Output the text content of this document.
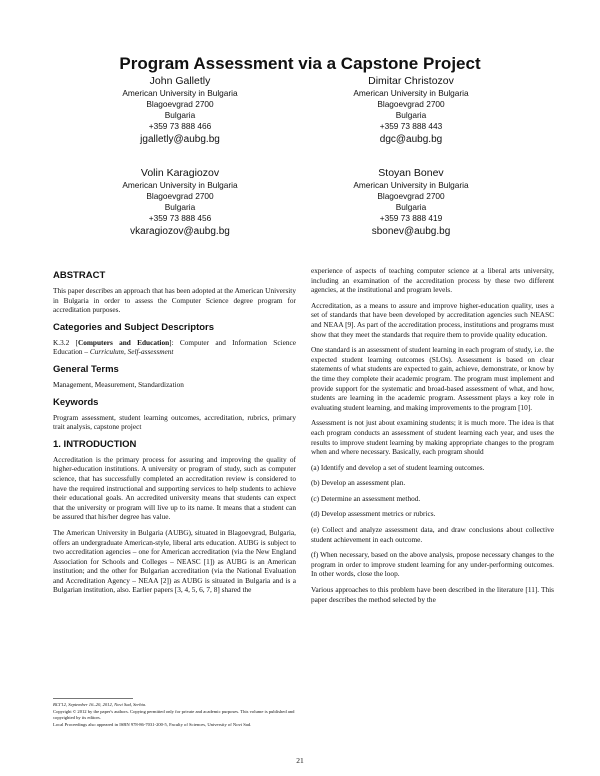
Program Assessment via a Capstone Project
John Galletly
American University in Bulgaria
Blagoevgrad 2700
Bulgaria
+359 73 888 466
jgalletly@aubg.bg
Dimitar Christozov
American University in Bulgaria
Blagoevgrad 2700
Bulgaria
+359 73 888 443
dgc@aubg.bg
Volin Karagiozov
American University in Bulgaria
Blagoevgrad 2700
Bulgaria
+359 73 888 456
vkaragiozov@aubg.bg
Stoyan Bonev
American University in Bulgaria
Blagoevgrad 2700
Bulgaria
+359 73 888 419
sbonev@aubg.bg
ABSTRACT

This paper describes an approach that has been adopted at the American University in Bulgaria in order to assess the Computer Science degree program for accreditation purposes.

Categories and Subject Descriptors

K.3.2 [Computers and Education]: Computer and Information Science Education – Curriculum, Self-assessment

General Terms

Management, Measurement, Standardization

Keywords

Program assessment, student learning outcomes, accreditation, rubrics, primary trait analysis, capstone project

1. INTRODUCTION

Accreditation is the primary process for assuring and improving the quality of higher-education institutions. A university or program of study, such as computer science, that has successfully completed an accreditation review is considered to have the required instructional and supporting services to help students to achieve their educational goals. An accredited university means that students can expect that the university or program will live up to its name. It means that a student can be assured that his/her degree has value.

The American University in Bulgaria (AUBG), situated in Blagoevgrad, Bulgaria, offers an undergraduate American-style, liberal arts education. AUBG is subject to two accreditation agencies – one for American accreditation (via the New England Association for Schools and Colleges – NEASC [1]) as AUBG is an American institution; and the other for Bulgarian accreditation (via the National Evaluation and Accreditation Agency – NEAA [2]) as AUBG is situated in Bulgaria and is a Bulgarian institution, also. Earlier papers [3, 4, 5, 6, 7, 8] shared the

experience of aspects of teaching computer science at a liberal arts university, including an examination of the accreditation process by these two different agencies, at the institutional and program levels.

Accreditation, as a means to assure and improve higher-education quality, uses a set of standards that have been developed by accreditation agencies such NEASC and NEAA [9]. As part of the accreditation process, institutions and programs must show that they meet the standards that require them to provide quality education.

One standard is an assessment of student learning in each program of study, i.e. the expected student learning outcomes (SLOs). Assessment is based on clear statements of what students are expected to gain, achieve, demonstrate, or know by the time they complete their academic program. The program must implement and provide support for the systematic and broad-based assessment of what, and how, students are learning in the academic program. Assessment plays a key role in evaluating student learning, and making improvements to the program [10].

Assessment is not just about examining students; it is much more. The idea is that each program conducts an assessment of student learning each year, and uses the results to improve student learning by making appropriate changes to the program when and where necessary. Basically, each program should

(a) Identify and develop a set of student learning outcomes.

(b) Develop an assessment plan.

(c) Determine an assessment method.

(d) Develop assessment metrics or rubrics.

(e) Collect and analyze assessment data, and draw conclusions about collective student achievement in each outcome.

(f) When necessary, based on the above analysis, propose necessary changes to the program in order to improve student learning for any under-performing outcomes. In other words, close the loop.

Various approaches to this problem have been described in the literature [11]. This paper describes the method selected by the

BCI'12, September 16–20, 2012, Novi Sad, Serbia.
Copyright © 2012 by the paper's authors. Copying permitted only for private and academic purposes. This volume is published and copyrighted by its editors.
Local Proceedings also appeared in ISBN 978-86-7031-200-5, Faculty of Sciences, University of Novi Sad.
21
